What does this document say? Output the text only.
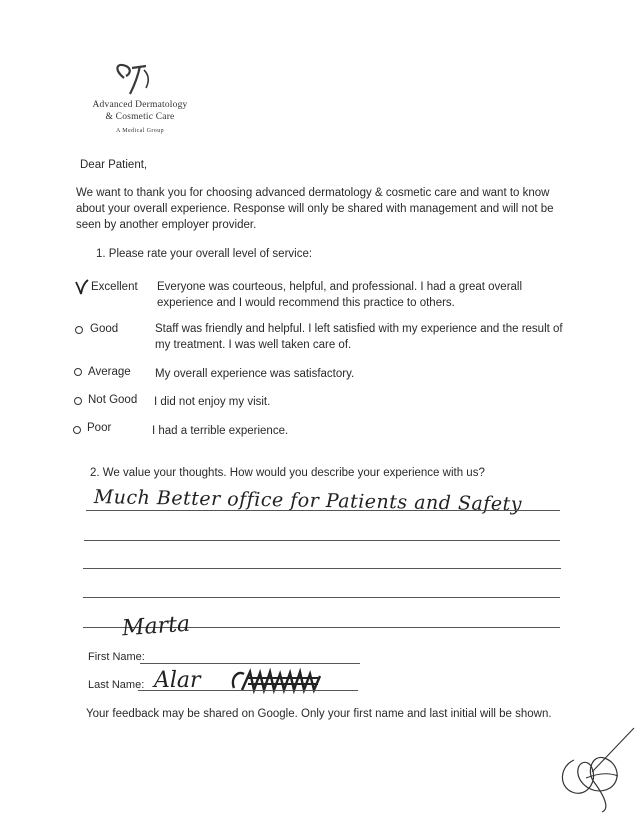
Advanced Dermatology
& Cosmetic Care
A Medical Group
Dear Patient,
We want to thank you for choosing advanced dermatology & cosmetic care and want to know about your overall experience. Response will only be shared with management and will not be seen by another employer provider.
1. Please rate your overall level of service:
Excellent Everyone was courteous, helpful, and professional. I had a great overall experience and I would recommend this practice to others.
Good	Staff was friendly and helpful. I left satisfied with my experience and the result of my treatment. I was well taken care of.
Average My overall experience was satisfactory.
Not Good I did not enjoy my visit.
Poor	I had a terrible experience.
2. We value your thoughts. How would you describe your experience with us?
Much Better office for Patients and Safety
Marta
First Name:
Alar
Last Name:
Your feedback may be shared on Google. Only your first name and last initial will be shown.
